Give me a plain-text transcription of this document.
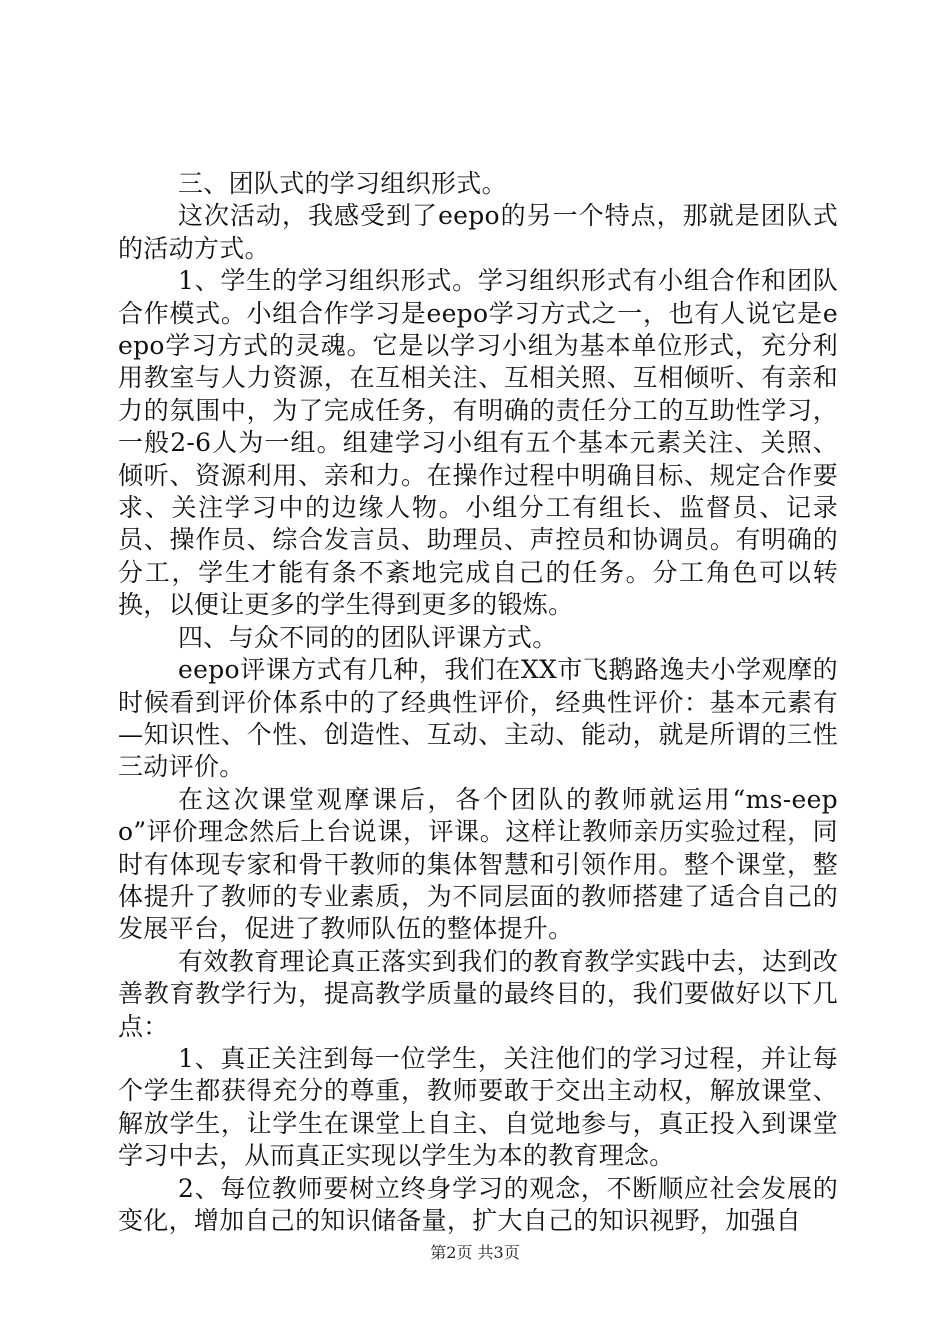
三、团队式的学习组织形式。

这次活动，我感受到了eepo的另一个特点，那就是团队式的活动方式。

1、学生的学习组织形式。学习组织形式有小组合作和团队合作模式。小组合作学习是eepo学习方式之一，也有人说它是eepo学习方式的灵魂。它是以学习小组为基本单位形式，充分利用教室与人力资源，在互相关注、互相关照、互相倾听、有亲和力的氛围中，为了完成任务，有明确的责任分工的互助性学习，一般2-6人为一组。组建学习小组有五个基本元素关注、关照、倾听、资源利用、亲和力。在操作过程中明确目标、规定合作要求、关注学习中的边缘人物。小组分工有组长、监督员、记录员、操作员、综合发言员、助理员、声控员和协调员。有明确的分工，学生才能有条不紊地完成自己的任务。分工角色可以转换，以便让更多的学生得到更多的锻炼。

四、与众不同的的团队评课方式。

eepo评课方式有几种，我们在XX市飞鹅路逸夫小学观摩的时候看到评价体系中的了经典性评价，经典性评价：基本元素有—知识性、个性、创造性、互动、主动、能动，就是所谓的三性三动评价。

在这次课堂观摩课后，各个团队的教师就运用“ms-eepo”评价理念然后上台说课，评课。这样让教师亲历实验过程，同时有体现专家和骨干教师的集体智慧和引领作用。整个课堂，整体提升了教师的专业素质，为不同层面的教师搭建了适合自己的发展平台，促进了教师队伍的整体提升。

有效教育理论真正落实到我们的教育教学实践中去，达到改善教育教学行为，提高教学质量的最终目的，我们要做好以下几点：

1、真正关注到每一位学生，关注他们的学习过程，并让每个学生都获得充分的尊重，教师要敢于交出主动权，解放课堂、解放学生，让学生在课堂上自主、自觉地参与，真正投入到课堂学习中去，从而真正实现以学生为本的教育理念。

2、每位教师要树立终身学习的观念，不断顺应社会发展的变化，增加自己的知识储备量，扩大自己的知识视野，加强自

第2页 共3页
